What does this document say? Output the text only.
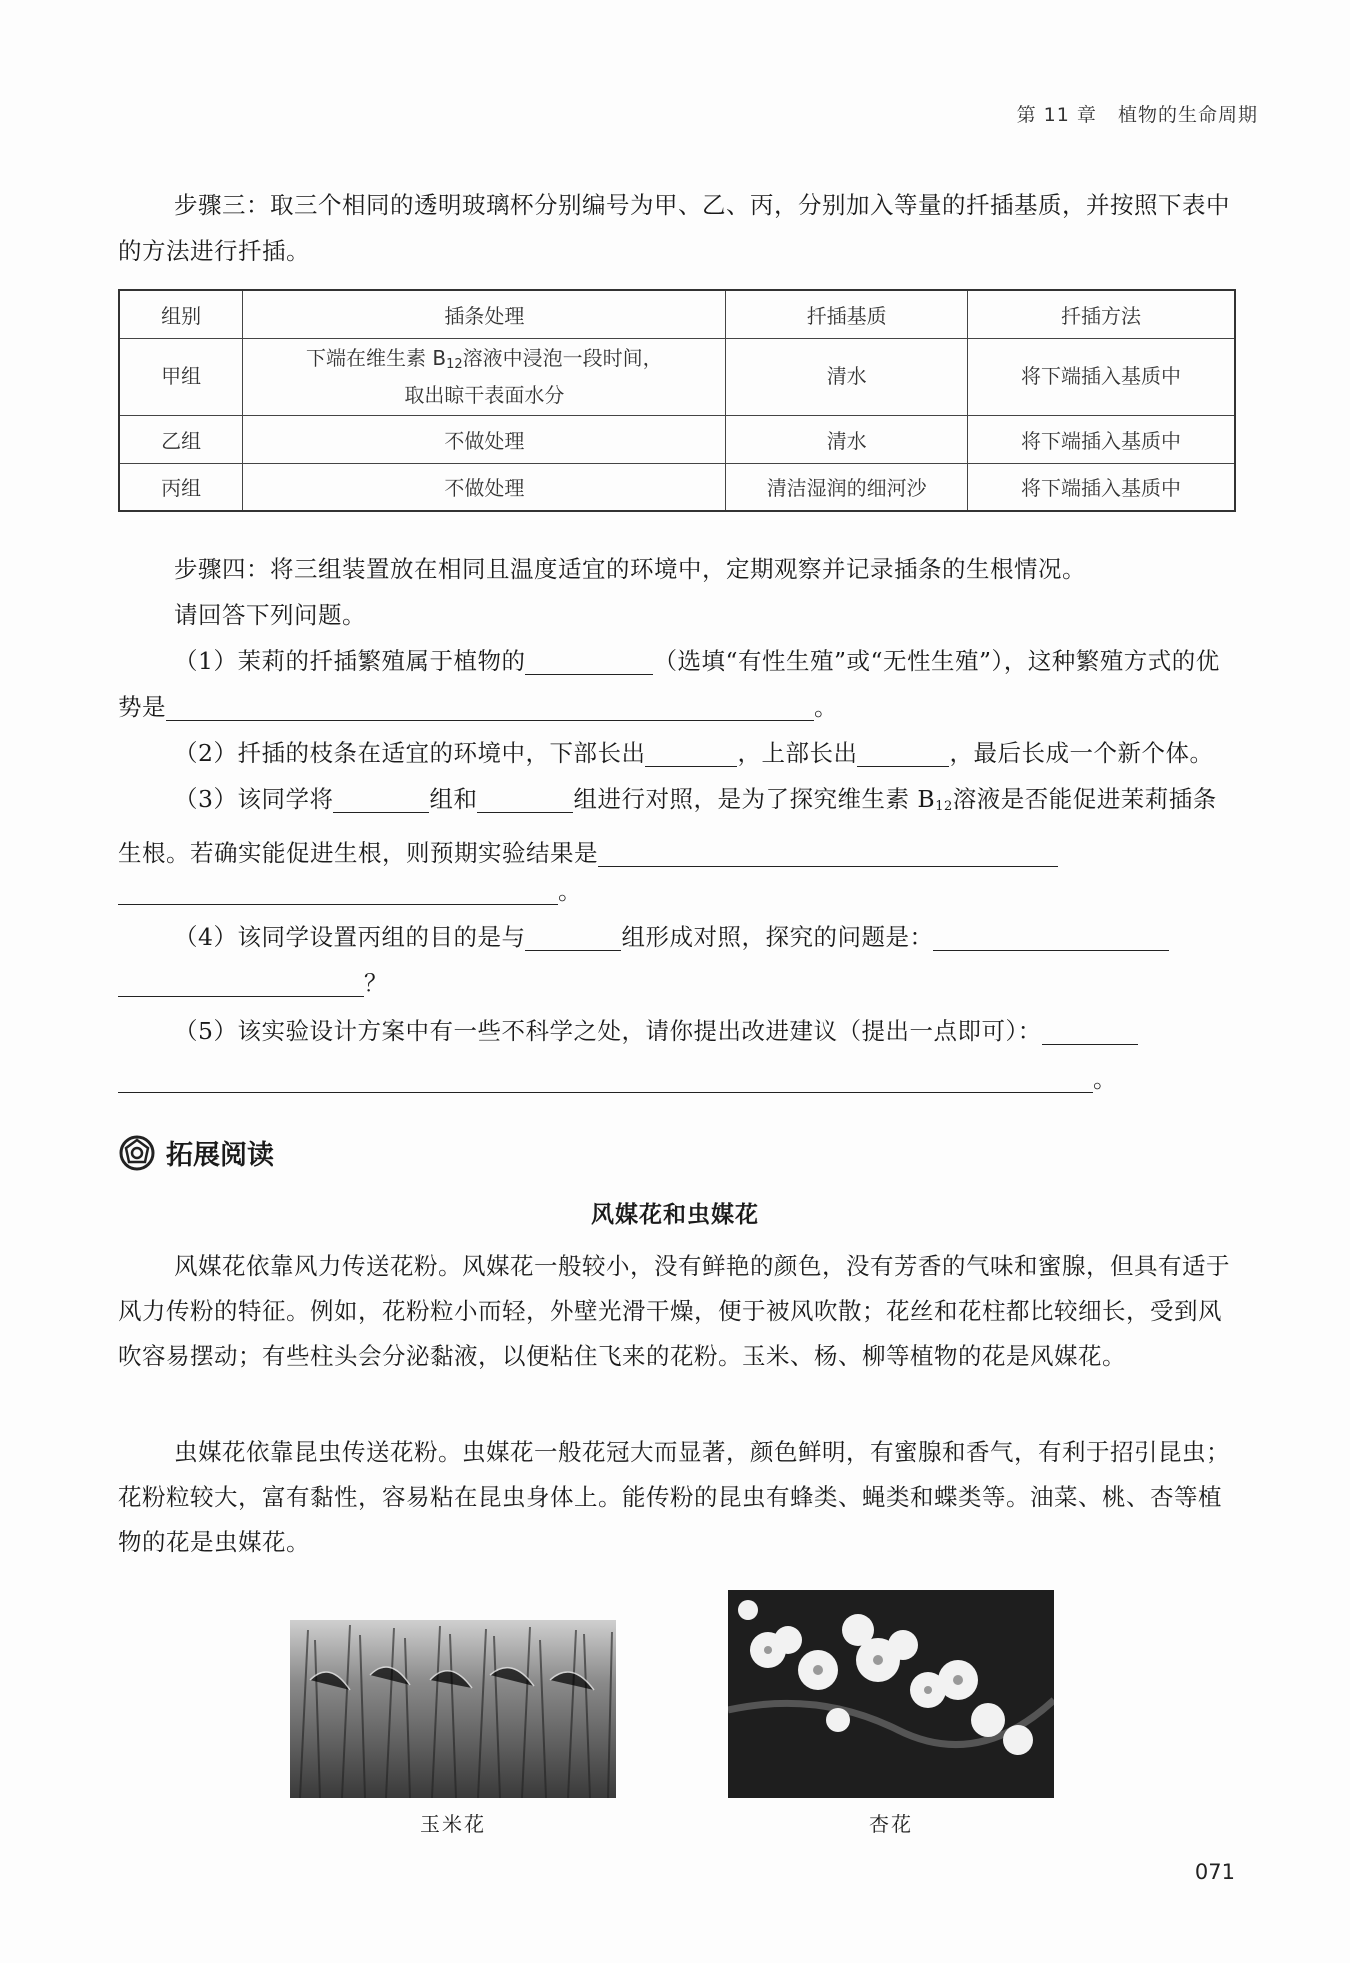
第 11 章 植物的生命周期
步骤三：取三个相同的透明玻璃杯分别编号为甲、乙、丙，分别加入等量的扦插基质，并按照下表中的方法进行扦插。
组别	插条处理	扦插基质	扦插方法
甲组	下端在维生素 $B_{12}$溶液中浸泡一段时间，
取出晾干表面水分	清水	将下端插入基质中
乙组	不做处理	清水	将下端插入基质中
丙组	不做处理	清洁湿润的细河沙	将下端插入基质中
步骤四：将三组装置放在相同且温度适宜的环境中，定期观察并记录插条的生根情况。
请回答下列问题。
（1）茉莉的扦插繁殖属于植物的	（选填“有性生殖”或“无性生殖”），这种繁殖方式的优势是	。
（2）扦插的枝条在适宜的环境中，下部长出	，上部长出	，最后长成一个新个体。
（3）该同学将	组和	组进行对照，是为了探究维生素 $B_{12}$溶液是否能促进茉莉插条生根。若确实能促进生根，则预期实验结果是
。
（4）该同学设置丙组的目的是与	组形成对照，探究的问题是：
？
（5）该实验设计方案中有一些不科学之处，请你提出改进建议（提出一点即可）：
。
拓展阅读
风媒花和虫媒花
风媒花依靠风力传送花粉。风媒花一般较小，没有鲜艳的颜色，没有芳香的气味和蜜腺，但具有适于风力传粉的特征。例如，花粉粒小而轻，外壁光滑干燥，便于被风吹散；花丝和花柱都比较细长，受到风吹容易摆动；有些柱头会分泌黏液，以便粘住飞来的花粉。玉米、杨、柳等植物的花是风媒花。
虫媒花依靠昆虫传送花粉。虫媒花一般花冠大而显著，颜色鲜明，有蜜腺和香气，有利于招引昆虫；花粉粒较大，富有黏性，容易粘在昆虫身体上。能传粉的昆虫有蜂类、蝇类和蝶类等。油菜、桃、杏等植物的花是虫媒花。
玉米花	杏花
071
